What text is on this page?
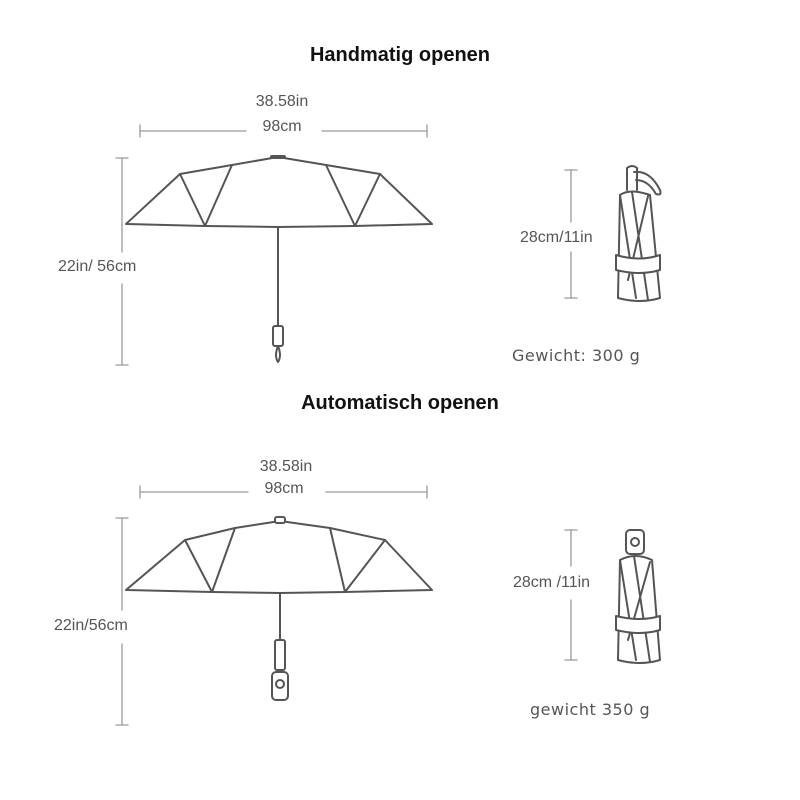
Handmatig openen
38.58in
98cm
22in/ 56cm
28cm/11in
Gewicht: 300 g
Automatisch openen
38.58in
98cm
22in/56cm
28cm /11in
gewicht 350 g
